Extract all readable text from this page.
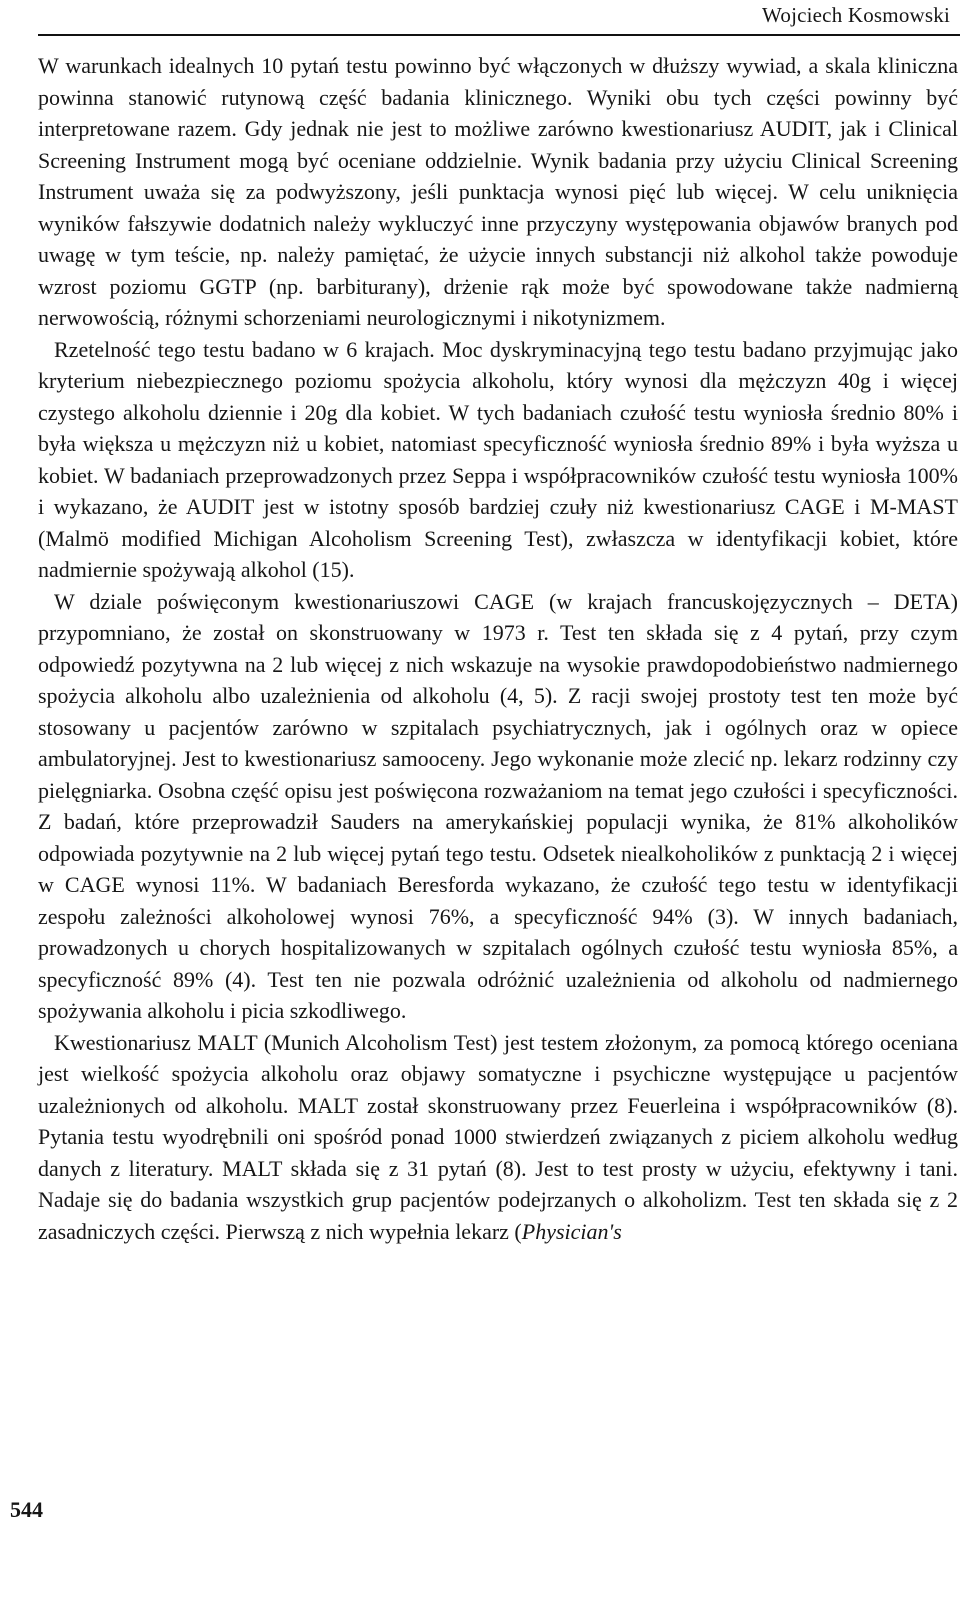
Wojciech Kosmowski

W warunkach idealnych 10 pytań testu powinno być włączonych w dłuższy wywiad, a skala kliniczna powinna stanowić rutynową część badania klinicznego. Wyniki obu tych części powinny być interpretowane razem. Gdy jednak nie jest to możliwe zarówno kwestionariusz AUDIT, jak i Clinical Screening Instrument mogą być oceniane oddzielnie. Wynik badania przy użyciu Clinical Screening Instrument uważa się za podwyższony, jeśli punktacja wynosi pięć lub więcej. W celu uniknięcia wyników fałszywie dodatnich należy wykluczyć inne przyczyny występowania objawów branych pod uwagę w tym teście, np. należy pamiętać, że użycie innych substancji niż alkohol także powoduje wzrost poziomu GGTP (np. barbiturany), drżenie rąk może być spowodowane także nadmierną nerwowością, różnymi schorzeniami neurologicznymi i nikotynizmem.

Rzetelność tego testu badano w 6 krajach. Moc dyskryminacyjną tego testu badano przyjmując jako kryterium niebezpiecznego poziomu spożycia alkoholu, który wynosi dla mężczyzn 40g i więcej czystego alkoholu dziennie i 20g dla kobiet. W tych badaniach czułość testu wyniosła średnio 80% i była większa u mężczyzn niż u kobiet, natomiast specyficzność wyniosła średnio 89% i była wyższa u kobiet. W badaniach przeprowadzonych przez Seppa i współpracowników czułość testu wyniosła 100% i wykazano, że AUDIT jest w istotny sposób bardziej czuły niż kwestionariusz CAGE i M-MAST (Malmö modified Michigan Alcoholism Screening Test), zwłaszcza w identyfikacji kobiet, które nadmiernie spożywają alkohol (15).

W dziale poświęconym kwestionariuszowi CAGE (w krajach francuskojęzycznych – DETA) przypomniano, że został on skonstruowany w 1973 r. Test ten składa się z 4 pytań, przy czym odpowiedź pozytywna na 2 lub więcej z nich wskazuje na wysokie prawdopodobieństwo nadmiernego spożycia alkoholu albo uzależnienia od alkoholu (4, 5). Z racji swojej prostoty test ten może być stosowany u pacjentów zarówno w szpitalach psychiatrycznych, jak i ogólnych oraz w opiece ambulatoryjnej. Jest to kwestionariusz samooceny. Jego wykonanie może zlecić np. lekarz rodzinny czy pielęgniarka. Osobna część opisu jest poświęcona rozważaniom na temat jego czułości i specyficzności. Z badań, które przeprowadził Sauders na amerykańskiej populacji wynika, że 81% alkoholików odpowiada pozytywnie na 2 lub więcej pytań tego testu. Odsetek niealkoholików z punktacją 2 i więcej w CAGE wynosi 11%. W badaniach Beresforda wykazano, że czułość tego testu w identyfikacji zespołu zależności alkoholowej wynosi 76%, a specyficzność 94% (3). W innych badaniach, prowadzonych u chorych hospitalizowanych w szpitalach ogólnych czułość testu wyniosła 85%, a specyficzność 89% (4). Test ten nie pozwala odróżnić uzależnienia od alkoholu od nadmiernego spożywania alkoholu i picia szkodliwego.

Kwestionariusz MALT (Munich Alcoholism Test) jest testem złożonym, za pomocą którego oceniana jest wielkość spożycia alkoholu oraz objawy somatyczne i psychiczne występujące u pacjentów uzależnionych od alkoholu. MALT został skonstruowany przez Feuerleina i współpracowników (8). Pytania testu wyodrębnili oni spośród ponad 1000 stwierdzeń związanych z piciem alkoholu według danych z literatury. MALT składa się z 31 pytań (8). Jest to test prosty w użyciu, efektywny i tani. Nadaje się do badania wszystkich grup pacjentów podejrzanych o alkoholizm. Test ten składa się z 2 zasadniczych części. Pierwszą z nich wypełnia lekarz (Physician's

544
